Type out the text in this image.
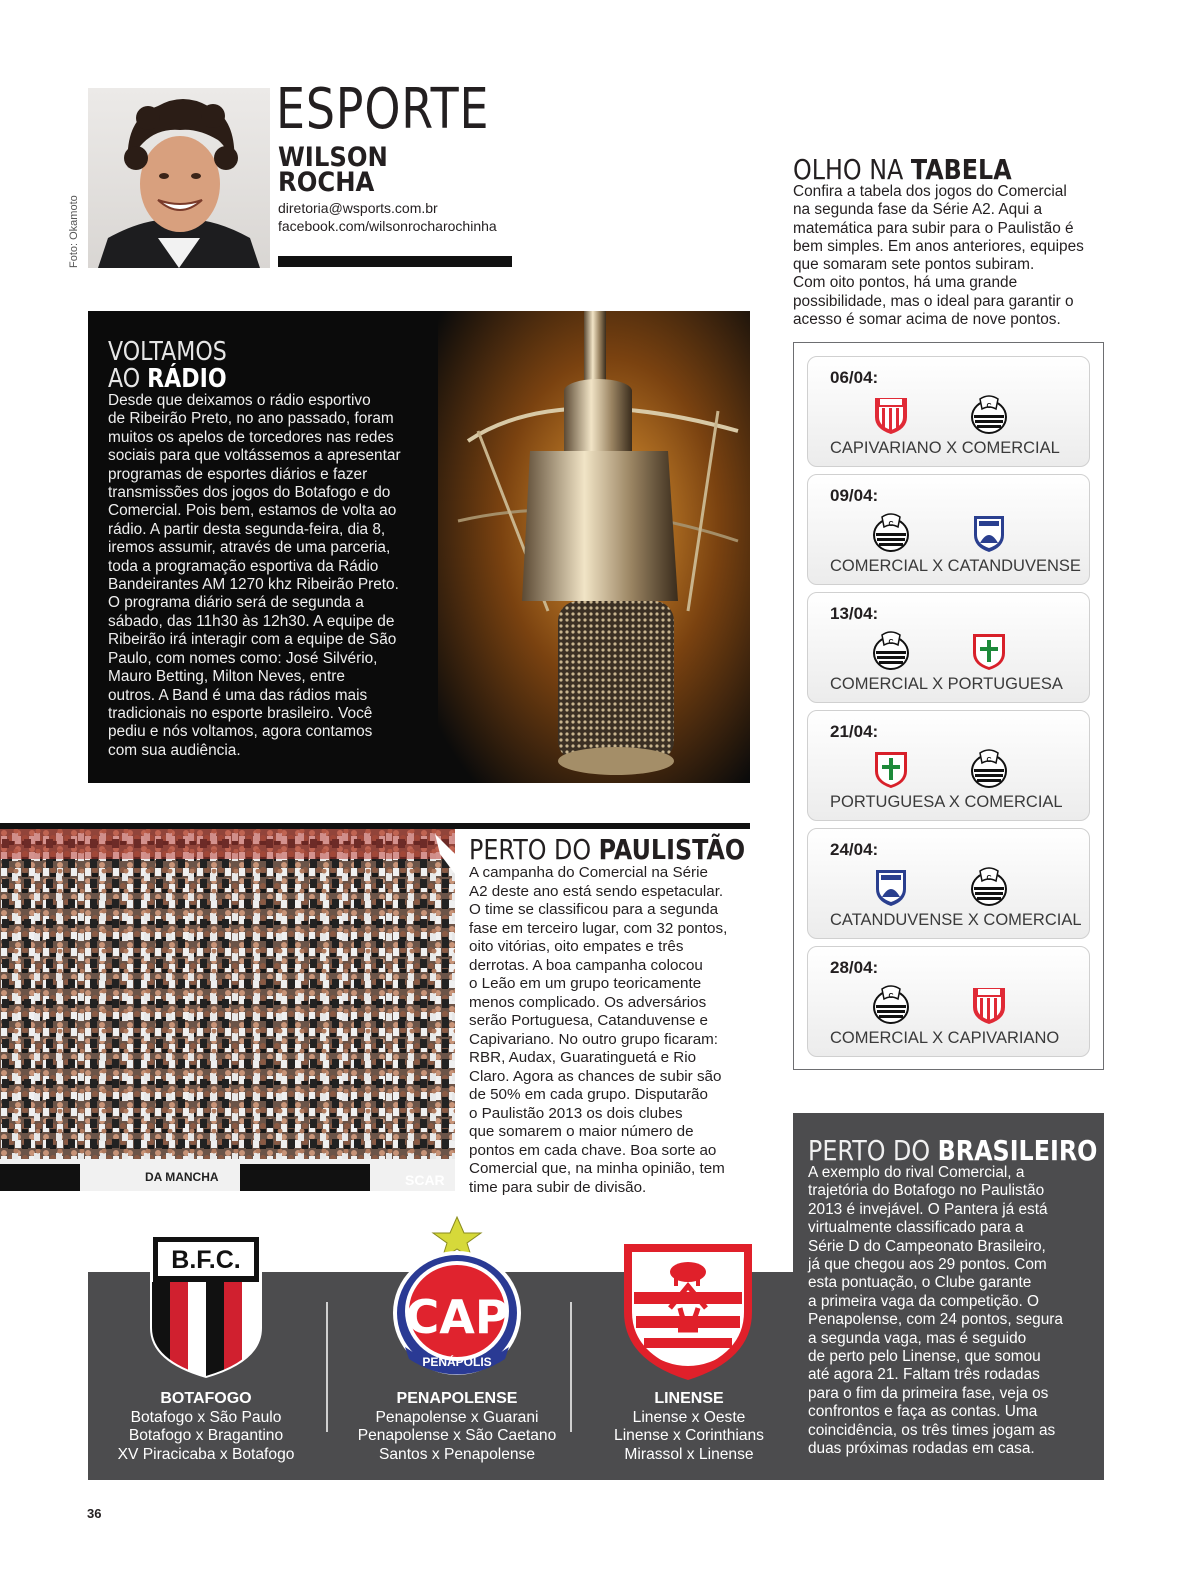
Foto: Okamoto
ESPORTE
WILSON
ROCHA
diretoria@wsports.com.br
facebook.com/wilsonrocharochinha
VOLTAMOS
AO RÁDIO
Desde que deixamos o rádio esportivo
de Ribeirão Preto, no ano passado, foram
muitos os apelos de torcedores nas redes
sociais para que voltássemos a apresentar
programas de esportes diários e fazer
transmissões dos jogos do Botafogo e do
Comercial. Pois bem, estamos de volta ao
rádio. A partir desta segunda-feira, dia 8,
iremos assumir, através de uma parceria,
toda a programação esportiva da Rádio
Bandeirantes AM 1270 khz Ribeirão Preto.
O programa diário será de segunda a
sábado, das 11h30 às 12h30. A equipe de
Ribeirão irá interagir com a equipe de São
Paulo, com nomes como: José Silvério,
Mauro Betting, Milton Neves, entre
outros. A Band é uma das rádios mais
tradicionais no esporte brasileiro. Você
pediu e nós voltamos, agora contamos
com sua audiência.
DA MANCHA	SCAR
PERTO DO PAULISTÃO
A campanha do Comercial na Série
A2 deste ano está sendo espetacular.
O time se classificou para a segunda
fase em terceiro lugar, com 32 pontos,
oito vitórias, oito empates e três
derrotas. A boa campanha colocou
o Leão em um grupo teoricamente
menos complicado. Os adversários
serão Portuguesa, Catanduvense e
Capivariano. No outro grupo ficaram:
RBR, Audax, Guaratinguetá e Rio
Claro. Agora as chances de subir são
de 50% em cada grupo. Disputarão
o Paulistão 2013 os dois clubes
que somarem o maior número de
pontos em cada chave. Boa sorte ao
Comercial que, na minha opinião, tem
time para subir de divisão.
OLHO NA TABELA
Confira a tabela dos jogos do Comercial
na segunda fase da Série A2. Aqui a
matemática para subir para o Paulistão é
bem simples. Em anos anteriores, equipes
que somaram sete pontos subiram.
Com oito pontos, há uma grande
possibilidade, mas o ideal para garantir o
acesso é somar acima de nove pontos.
06/04:
C
CAPIVARIANO X COMERCIAL
09/04:
C
COMERCIAL X CATANDUVENSE
13/04:
C
COMERCIAL X PORTUGUESA
21/04:
C
PORTUGUESA X COMERCIAL
24/04:
C
CATANDUVENSE X COMERCIAL
28/04:
C
COMERCIAL X CAPIVARIANO
PERTO DO BRASILEIRO
A exemplo do rival Comercial, a
trajetória do Botafogo no Paulistão
2013 é invejável. O Pantera já está
virtualmente classificado para a
Série D do Campeonato Brasileiro,
já que chegou aos 29 pontos. Com
esta pontuação, o Clube garante
a primeira vaga da competição. O
Penapolense, com 24 pontos, segura
a segunda vaga, mas é seguido
de perto pelo Linense, que somou
até agora 21. Faltam três rodadas
para o fim da primeira fase, veja os
confrontos e faça as contas. Uma
coincidência, os três times jogam as
duas próximas rodadas em casa.
B.F.C.
CAP
PENÁPOLIS	1927
BOTAFOGO
Botafogo x São Paulo
Botafogo x Bragantino
XV Piracicaba x Botafogo
PENAPOLENSE
Penapolense x Guarani
Penapolense x São Caetano
Santos x Penapolense
LINENSE
Linense x Oeste
Linense x Corinthians
Mirassol x Linense
36
